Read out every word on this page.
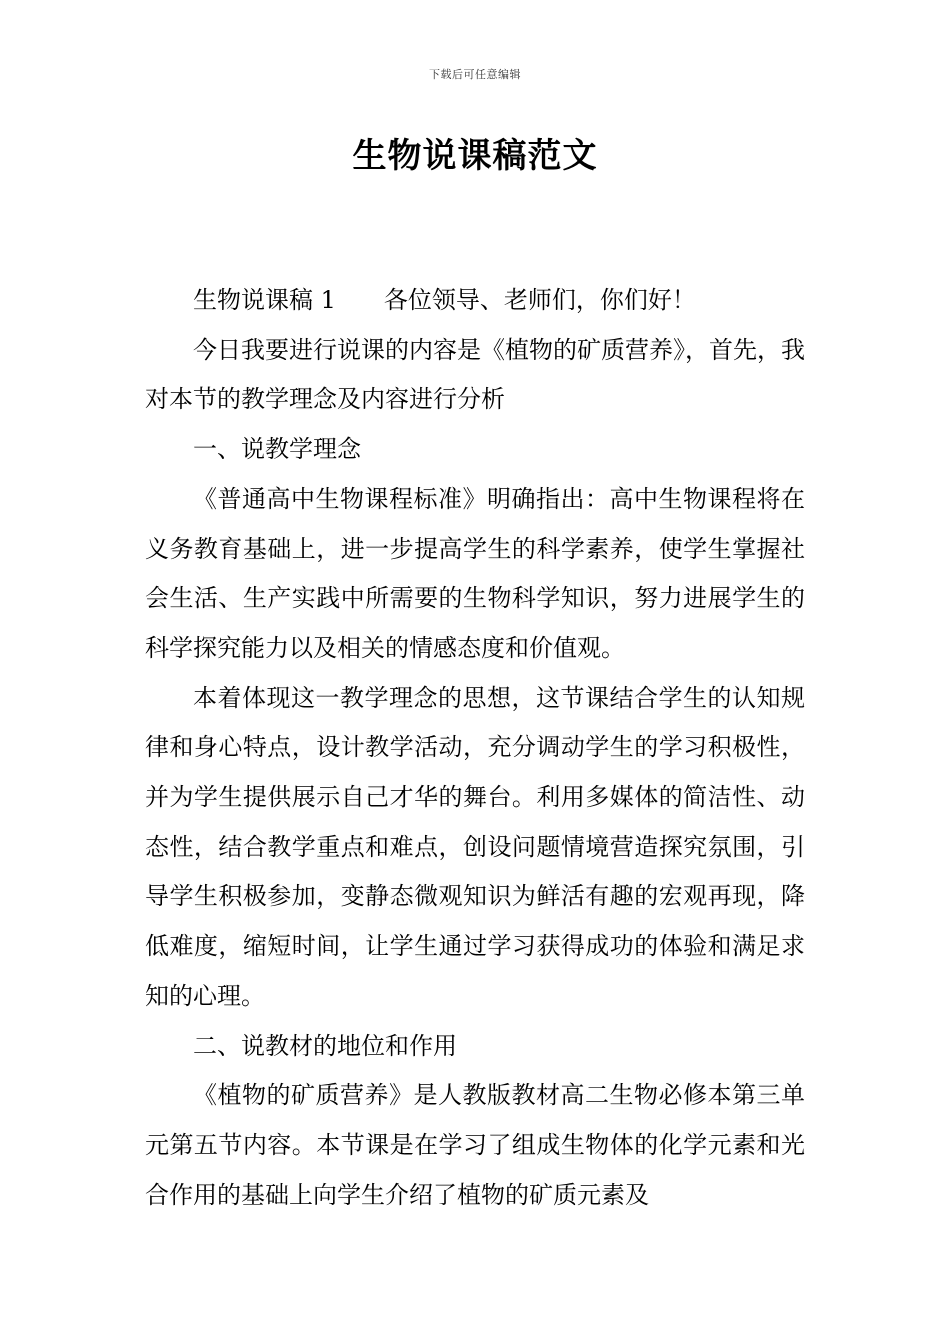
下载后可任意编辑
生物说课稿范文

生物说课稿 1 各位领导、老师们，你们好！

今日我要进行说课的内容是《植物的矿质营养》，首先，我对本节的教学理念及内容进行分析

一、说教学理念

《普通高中生物课程标准》明确指出：高中生物课程将在义务教育基础上，进一步提高学生的科学素养，使学生掌握社会生活、生产实践中所需要的生物科学知识，努力进展学生的科学探究能力以及相关的情感态度和价值观。

本着体现这一教学理念的思想，这节课结合学生的认知规律和身心特点，设计教学活动，充分调动学生的学习积极性，并为学生提供展示自己才华的舞台。利用多媒体的简洁性、动态性，结合教学重点和难点，创设问题情境营造探究氛围，引导学生积极参加，变静态微观知识为鲜活有趣的宏观再现，降低难度，缩短时间，让学生通过学习获得成功的体验和满足求知的心理。

二、说教材的地位和作用

《植物的矿质营养》是人教版教材高二生物必修本第三单元第五节内容。本节课是在学习了组成生物体的化学元素和光合作用的基础上向学生介绍了植物的矿质元素及
